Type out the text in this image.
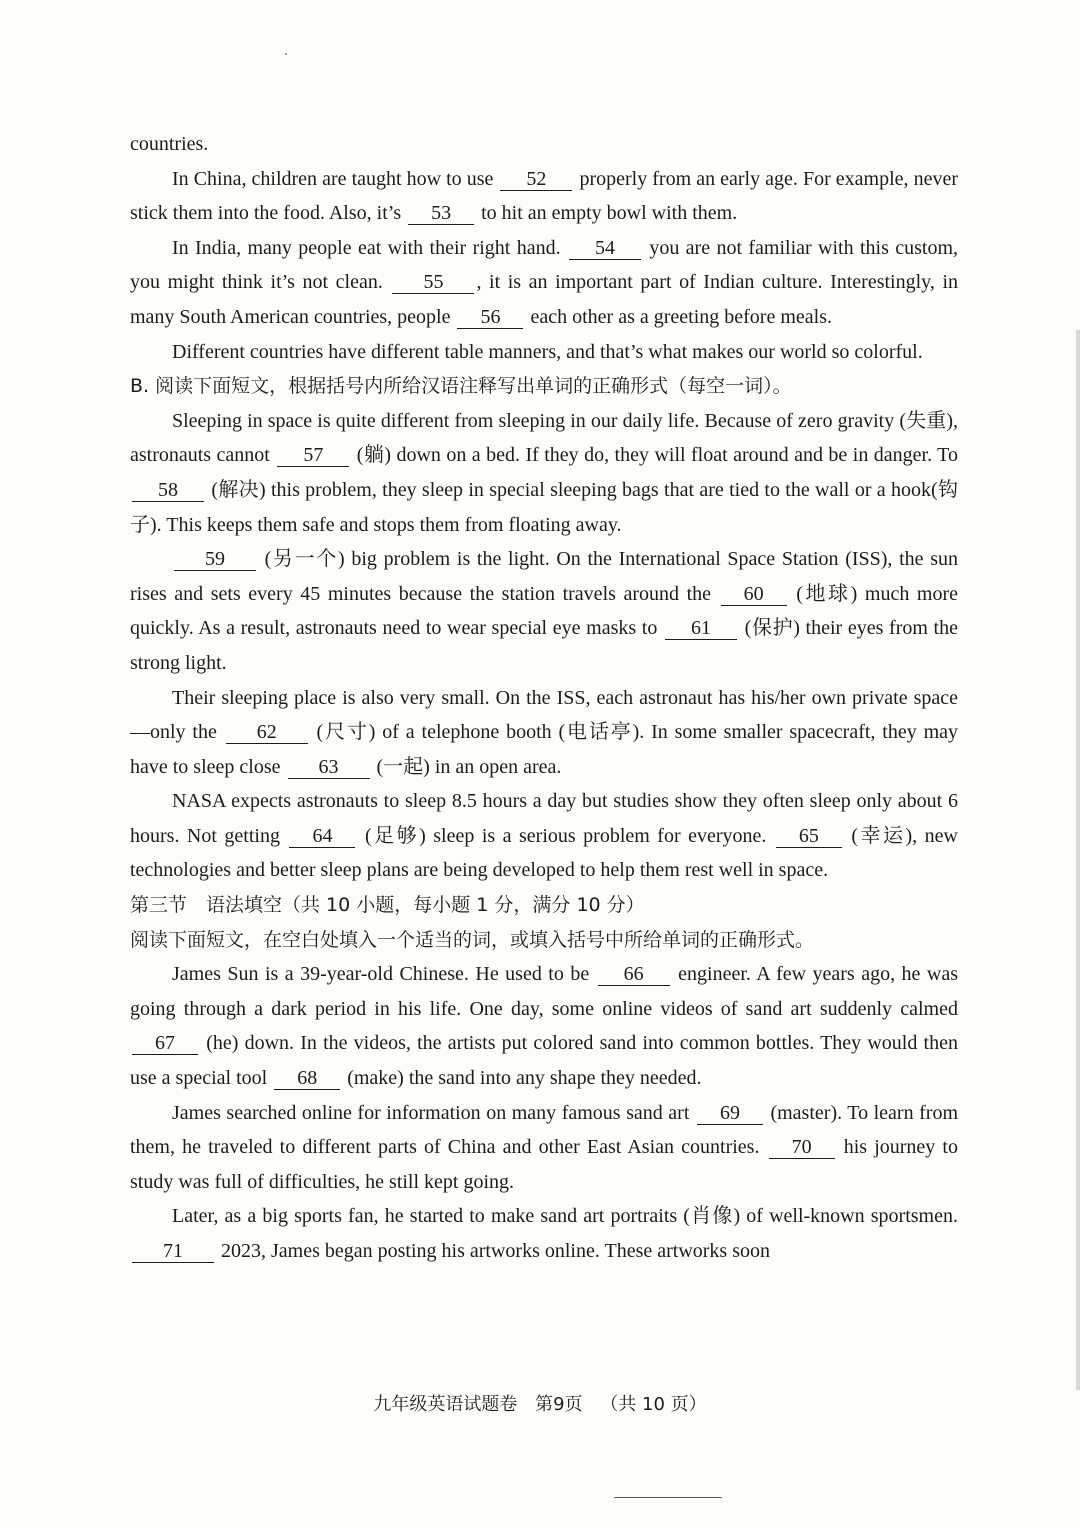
countries.

In China, children are taught how to use 52 properly from an early age. For example, never stick them into the food. Also, it’s 53 to hit an empty bowl with them.

In India, many people eat with their right hand. 54 you are not familiar with this custom, you might think it’s not clean. 55 , it is an important part of Indian culture. Interestingly, in many South American countries, people 56 each other as a greeting before meals.

Different countries have different table manners, and that’s what makes our world so colorful.

B. 阅读下面短文，根据括号内所给汉语注释写出单词的正确形式（每空一词）。

Sleeping in space is quite different from sleeping in our daily life. Because of zero gravity (失重), astronauts cannot 57 (躺) down on a bed. If they do, they will float around and be in danger. To 58 (解决) this problem, they sleep in special sleeping bags that are tied to the wall or a hook(钩子). This keeps them safe and stops them from floating away.

59 (另一个) big problem is the light. On the International Space Station (ISS), the sun rises and sets every 45 minutes because the station travels around the 60 (地球) much more quickly. As a result, astronauts need to wear special eye masks to 61 (保护) their eyes from the strong light.

Their sleeping place is also very small. On the ISS, each astronaut has his/her own private space—only the 62 (尺寸) of a telephone booth (电话亭). In some smaller spacecraft, they may have to sleep close 63 (一起) in an open area.

NASA expects astronauts to sleep 8.5 hours a day but studies show they often sleep only about 6 hours. Not getting 64 (足够) sleep is a serious problem for everyone. 65 (幸运), new technologies and better sleep plans are being developed to help them rest well in space.

第三节　语法填空（共 10 小题，每小题 1 分，满分 10 分）

阅读下面短文，在空白处填入一个适当的词，或填入括号中所给单词的正确形式。

James Sun is a 39-year-old Chinese. He used to be 66 engineer. A few years ago, he was going through a dark period in his life. One day, some online videos of sand art suddenly calmed 67 (he) down. In the videos, the artists put colored sand into common bottles. They would then use a special tool 68 (make) the sand into any shape they needed.

James searched online for information on many famous sand art 69 (master). To learn from them, he traveled to different parts of China and other East Asian countries. 70 his journey to study was full of difficulties, he still kept going.

Later, as a big sports fan, he started to make sand art portraits (肖像) of well-known sportsmen. 71 2023, James began posting his artworks online. These artworks soon

九年级英语试题卷 第9页 （共 10 页）
